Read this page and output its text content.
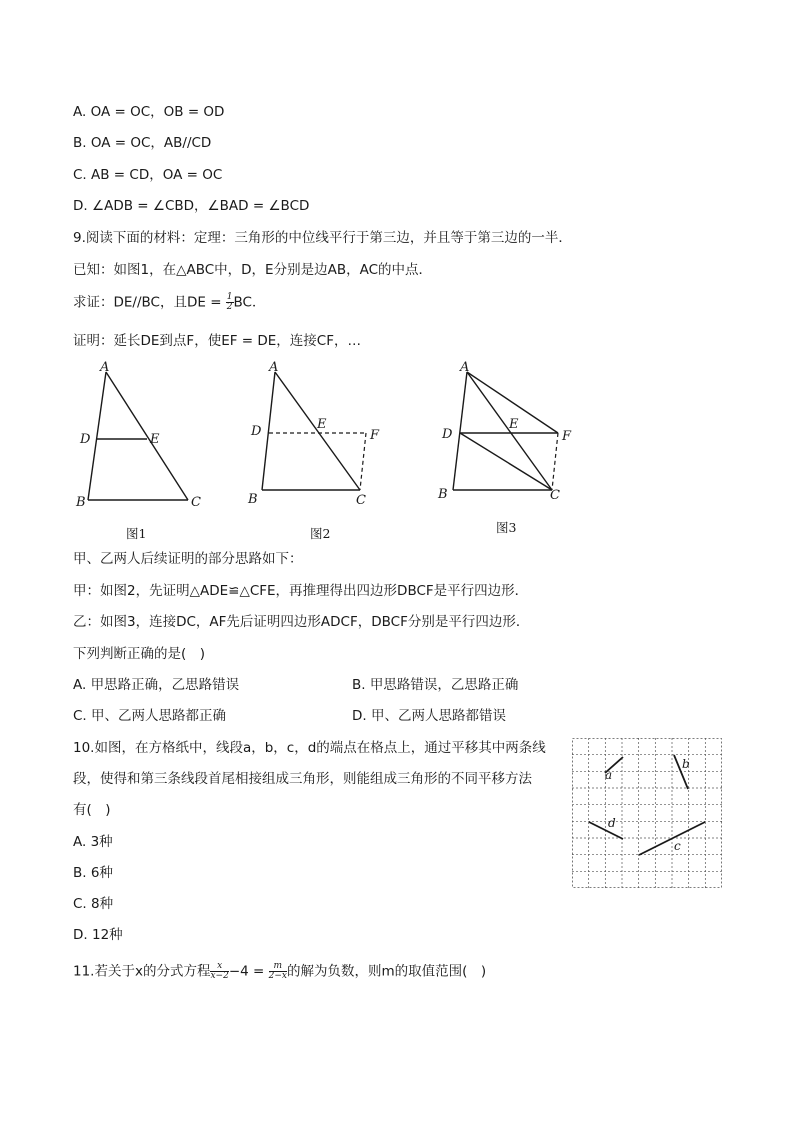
A. OA = OC，OB = OD
B. OA = OC，AB//CD
C. AB = CD，OA = OC
D. ∠ADB = ∠CBD，∠BAD = ∠BCD
9.阅读下面的材料：定理：三角形的中位线平行于第三边，并且等于第三边的一半．
已知：如图1，在△ABC中，D，E分别是边AB，AC的中点．
求证：DE//BC，且DE = $\frac{1}{2}$ BC．
证明：延长DE到点F，使EF = DE，连接CF，…
A
D	E
B	C
图1
A
D	E
F
B	C
图2
A
D
E
F
B	C
图3
甲、乙两人后续证明的部分思路如下：
甲：如图2，先证明△ADE≌△CFE，再推理得出四边形DBCF是平行四边形．
乙：如图3，连接DC，AF先后证明四边形ADCF，DBCF分别是平行四边形．
下列判断正确的是(　)
A. 甲思路正确，乙思路错误	B. 甲思路错误，乙思路正确
C. 甲、乙两人思路都正确	D. 甲、乙两人思路都错误
10.如图，在方格纸中，线段a，b，c，d的端点在格点上，通过平移其中两条线
段，使得和第三条线段首尾相接组成三角形，则能组成三角形的不同平移方法
有(　)
A. 3种
B. 6种
C. 8种
D. 12种
a
b
c
d
11.若关于x的分式方程 $\frac{x}{x-2} -4 = \frac{m}{2-x}$ 的解为负数，则m的取值范围(　)
